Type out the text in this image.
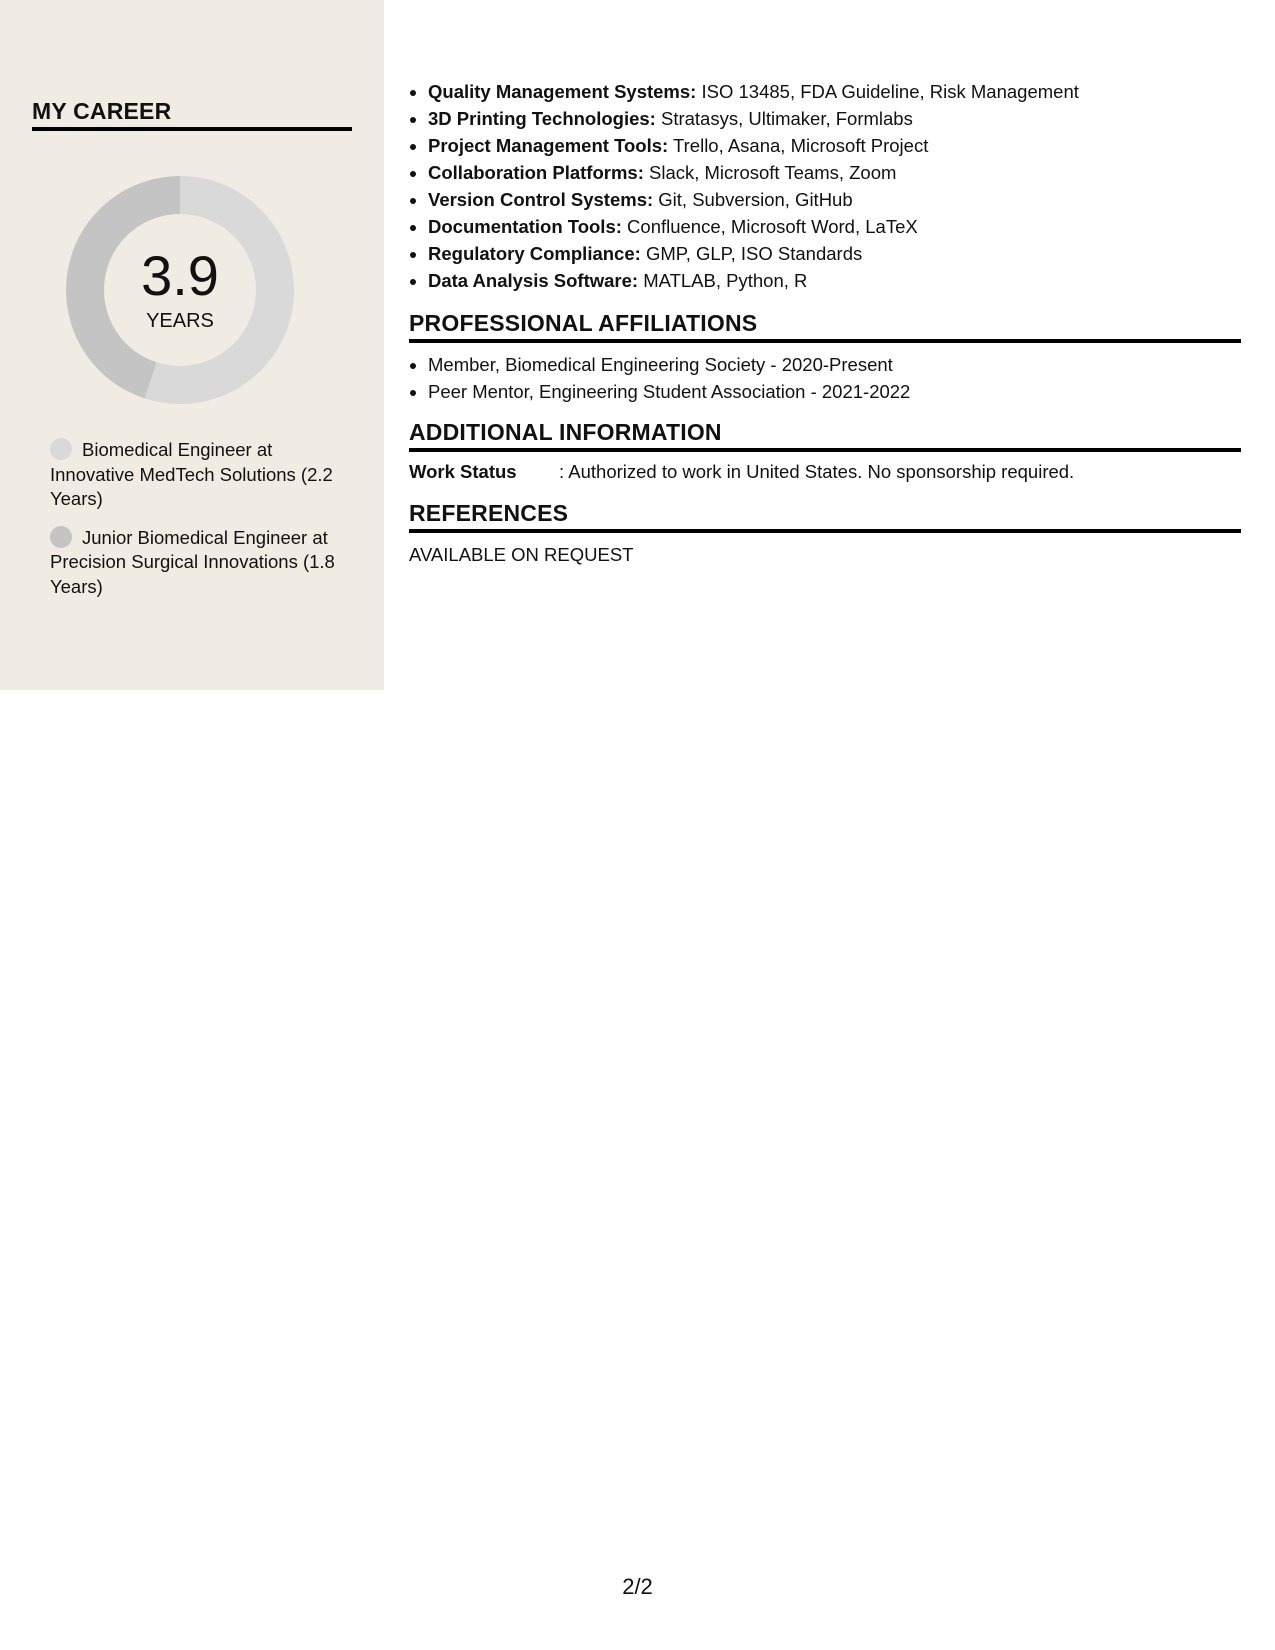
MY CAREER
3.9
YEARS
Biomedical Engineer at Innovative MedTech Solutions (2.2 Years)
Junior Biomedical Engineer at Precision Surgical Innovations (1.8 Years)
• Quality Management Systems: ISO 13485, FDA Guideline, Risk Management
• 3D Printing Technologies: Stratasys, Ultimaker, Formlabs
• Project Management Tools: Trello, Asana, Microsoft Project
• Collaboration Platforms: Slack, Microsoft Teams, Zoom
• Version Control Systems: Git, Subversion, GitHub
• Documentation Tools: Confluence, Microsoft Word, LaTeX
• Regulatory Compliance: GMP, GLP, ISO Standards
• Data Analysis Software: MATLAB, Python, R
PROFESSIONAL AFFILIATIONS
• Member, Biomedical Engineering Society - 2020-Present
• Peer Mentor, Engineering Student Association - 2021-2022
ADDITIONAL INFORMATION
Work Status	: Authorized to work in United States. No sponsorship required.
REFERENCES
AVAILABLE ON REQUEST
2/2
